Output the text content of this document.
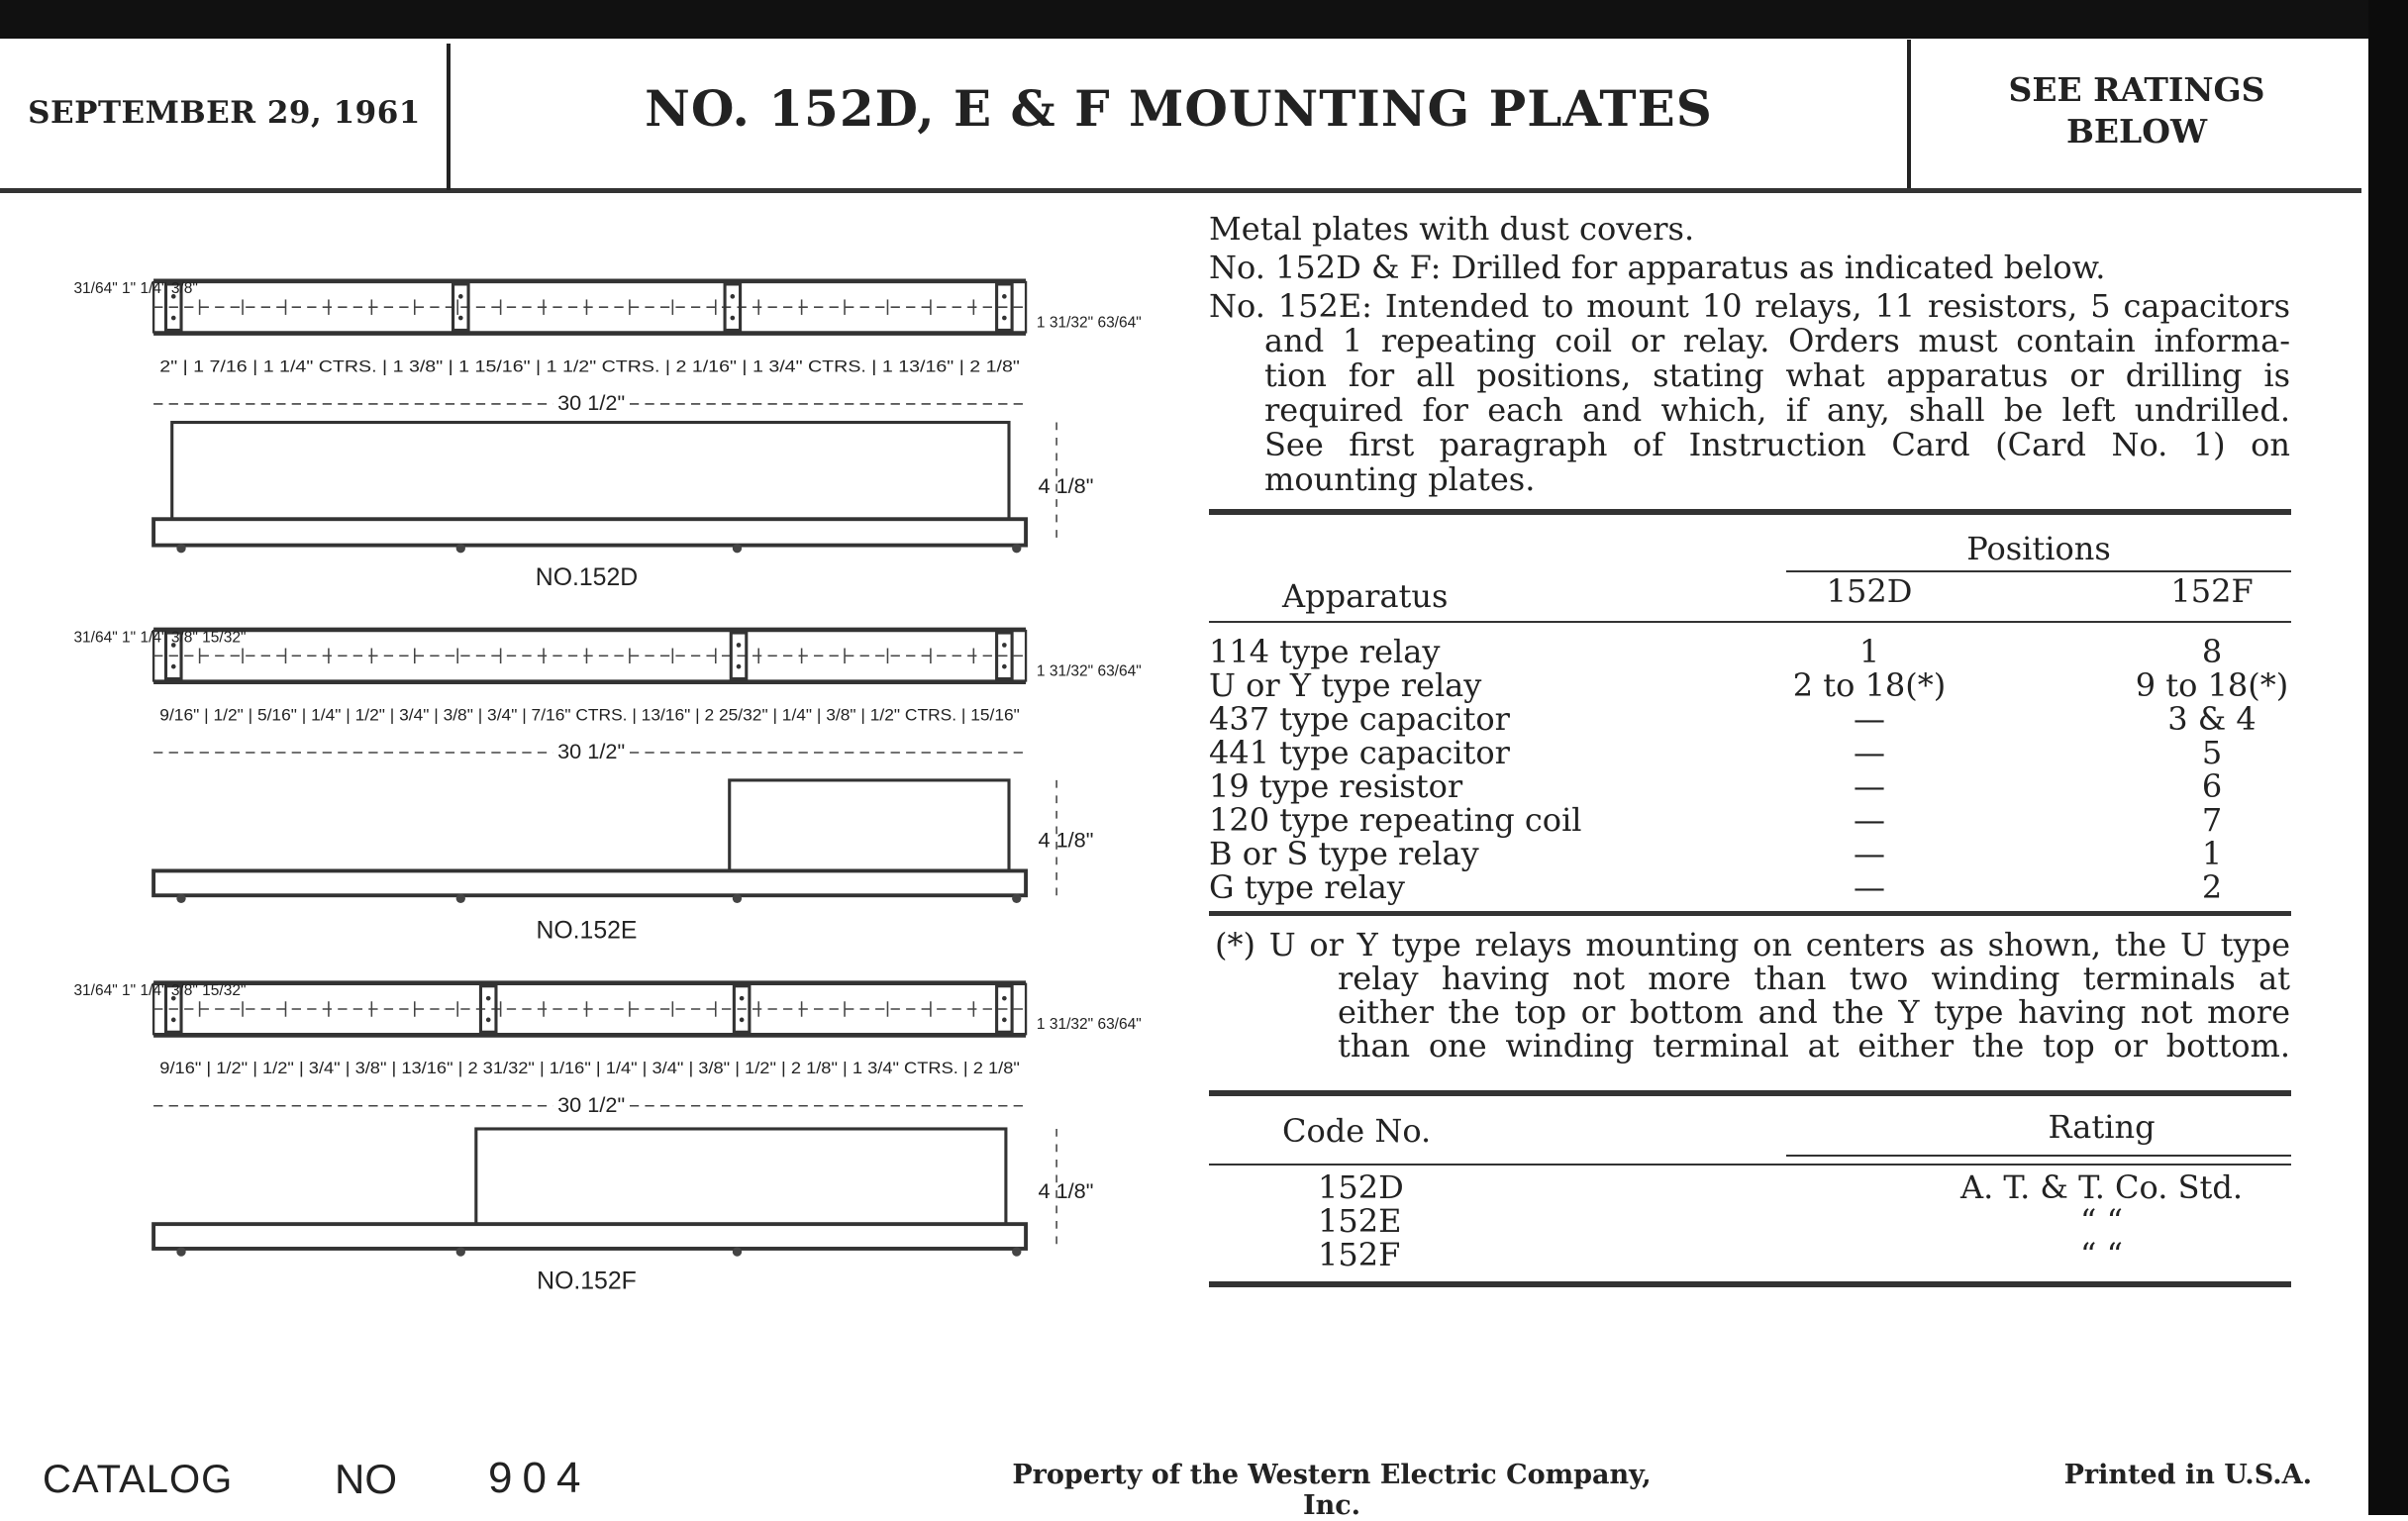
SEPTEMBER 29, 1961	NO. 152D, E & F MOUNTING PLATES	SEE RATINGS
BELOW
Metal plates with dust covers.
No. 152D & F: Drilled for apparatus as indicated below.
No. 152E: Intended to mount 10 relays, 11 resistors, 5 capacitors
and 1 repeating coil or relay. Orders must contain informa-
tion for all positions, stating what apparatus or drilling is
required for each and which, if any, shall be left undrilled.
See first paragraph of Instruction Card (Card No. 1) on
mounting plates.
Positions
Apparatus	152D	152F
114 type relay	1	8
U or Y type relay	2 to 18(*)	9 to 18(*)
437 type capacitor	—	3 & 4
441 type capacitor	—	5
19 type resistor	—	6
120 type repeating coil	—	7
B or S type relay	—	1
G type relay	—	2
(*) U or Y type relays mounting on centers as shown, the U type
relay having not more than two winding terminals at
either the top or bottom and the Y type having not more
than one winding terminal at either the top or bottom.
Code No.	Rating
152D	A. T. & T. Co. Std.
152E	“ “
152F	“ “
2" | 1 7/16 | 1 1/4" CTRS. | 1 3/8" | 1 15/16" | 1 1/2" CTRS. | 2 1/16" | 1 3/4" CTRS. | 1 13/16" | 2 1/8"
30 1/2"
31/64" 1" 1/4" 3/8"
1 31/32" 63/64"
4 1/8"
NO.152D
9/16" | 1/2" | 5/16" | 1/4" | 1/2" | 3/4" | 3/8" | 3/4" | 7/16" CTRS. | 13/16" | 2 25/32" | 1/4" | 3/8" | 1/2" CTRS. | 15/16"
30 1/2"
31/64" 1" 1/4" 3/8" 15/32"
1 31/32" 63/64"
4 1/8"
NO.152E
9/16" | 1/2" | 1/2" | 3/4" | 3/8" | 13/16" | 2 31/32" | 1/16" | 1/4" | 3/4" | 3/8" | 1/2" | 2 1/8" | 1 3/4" CTRS. | 2 1/8"
30 1/2"
31/64" 1" 1/4" 3/8" 15/32"
1 31/32" 63/64"
4 1/8"
NO.152F
CATALOG NO 904	Property of the Western Electric Company, Inc.
Printed in U.S.A.
